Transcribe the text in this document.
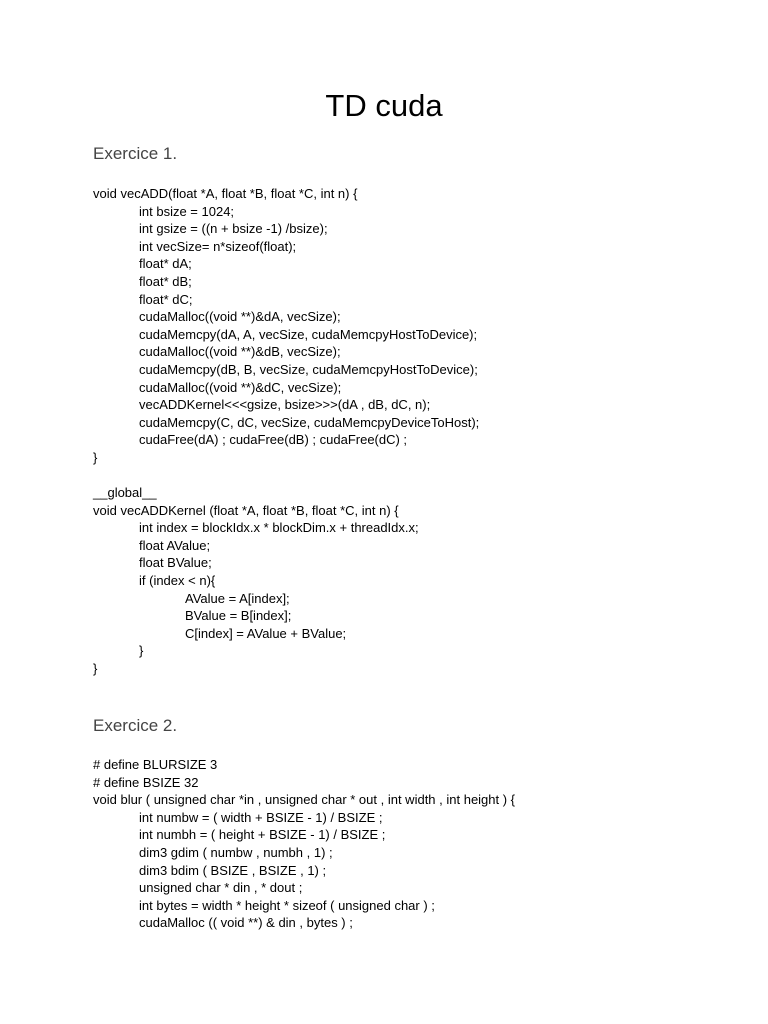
TD cuda
Exercice 1.
void vecADD(float *A, float *B, float *C, int n) {
int bsize = 1024;
int gsize = ((n + bsize -1) /bsize);
int vecSize= n*sizeof(float);
float* dA;
float* dB;
float* dC;
cudaMalloc((void **)&dA, vecSize);
cudaMemcpy(dA, A, vecSize, cudaMemcpyHostToDevice);
cudaMalloc((void **)&dB, vecSize);
cudaMemcpy(dB, B, vecSize, cudaMemcpyHostToDevice);
cudaMalloc((void **)&dC, vecSize);
vecADDKernel<<<gsize, bsize>>>(dA , dB, dC, n);
cudaMemcpy(C, dC, vecSize, cudaMemcpyDeviceToHost);
cudaFree(dA) ; cudaFree(dB) ; cudaFree(dC) ;
}
__global__
void vecADDKernel (float *A, float *B, float *C, int n) {
int index = blockIdx.x * blockDim.x + threadIdx.x;
float AValue;
float BValue;
if (index < n){
AValue = A[index];
BValue = B[index];
C[index] = AValue + BValue;
}
}
Exercice 2.
# define BLURSIZE 3
# define BSIZE 32
void blur ( unsigned char *in , unsigned char * out , int width , int height ) {
int numbw = ( width + BSIZE - 1) / BSIZE ;
int numbh = ( height + BSIZE - 1) / BSIZE ;
dim3 gdim ( numbw , numbh , 1) ;
dim3 bdim ( BSIZE , BSIZE , 1) ;
unsigned char * din , * dout ;
int bytes = width * height * sizeof ( unsigned char ) ;
cudaMalloc (( void **) & din , bytes ) ;
